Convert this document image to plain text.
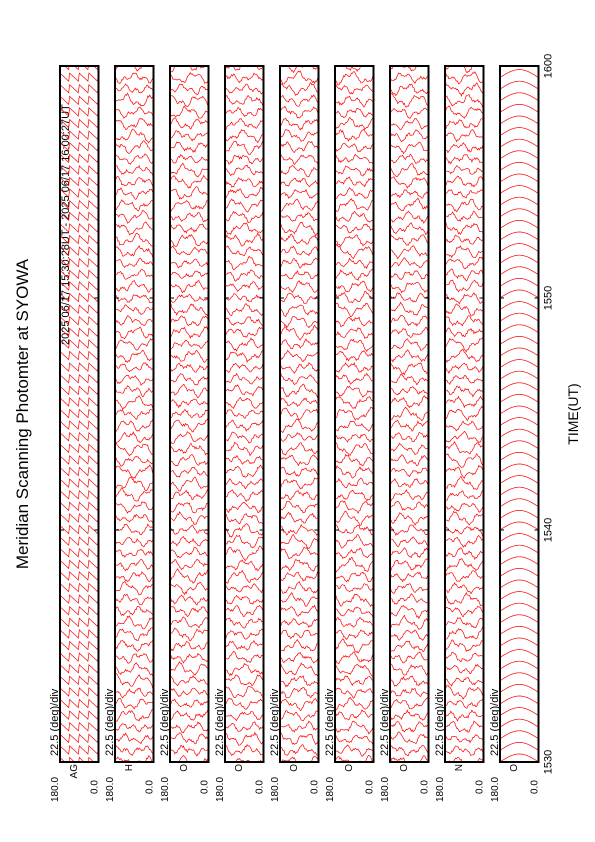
Meridian Scanning Photomter at SYOWA
2025 06/17 15:30:28UT - 2025 06/17 16:00:27UT
TIME(UT)
180.0	0.0
22.5 (deg)/div
AG
180.0	0.0
22.5 (deg)/div
H
180.0	0.0
22.5 (deg)/div
O
180.0	0.0
22.5 (deg)/div
O
180.0	0.0
22.5 (deg)/div
O
180.0	0.0
22.5 (deg)/div
O
180.0	0.0
22.5 (deg)/div
O
180.0	0.0
22.5 (deg)/div
N
180.0	0.0
22.5 (deg)/div
O 1530
1540
1550
1600
